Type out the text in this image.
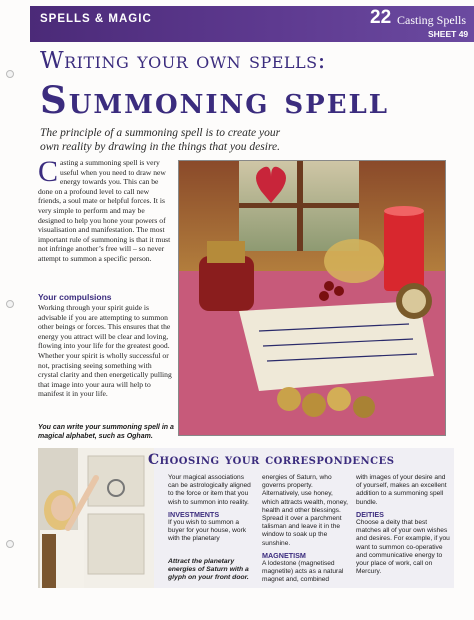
SPELLS & MAGIC	22 Casting Spells
SHEET 49
Writing your own spells:
Summoning spell
The principle of a summoning spell is to create your own reality by drawing in the things that you desire.
C asting a summoning spell is very useful when you need to draw new energy towards you. This can be done on a profound level to call new friends, a soul mate or helpful forces. It is very simple to perform and may be designed to help you hone your powers of visualisation and manifestation. The most important rule of summoning is that it must not infringe another’s free will – so never attempt to summon a specific person.
Your compulsions
Working through your spirit guide is advisable if you are attempting to summon other beings or forces. This ensures that the energy you attract will be clear and loving, flowing into your life for the greatest good. Whether your spirit is wholly successful or not, practising seeing something with crystal clarity and then energetically pulling that image into your aura will help to manifest it in your life.
You can write your summoning spell in a magical alphabet, such as Ogham.
Choosing your correspondences
Your magical associations can be astrologically aligned to the force or item that you wish to summon into reality.
INVESTMENTS
If you wish to summon a buyer for your house, work with the planetary
Attract the planetary energies of Saturn with a glyph on your front door.
energies of Saturn, who governs property. Alternatively, use honey, which attracts wealth, money, health and other blessings. Spread it over a parchment talisman and leave it in the window to soak up the sunshine.
MAGNETISM
A lodestone (magnetised magnetite) acts as a natural magnet and, combined
with images of your desire and of yourself, makes an excellent addition to a summoning spell bundle.
DEITIES
Choose a deity that best matches all of your own wishes and desires. For example, if you want to summon co-operative and communicative energy to your place of work, call on Mercury.
